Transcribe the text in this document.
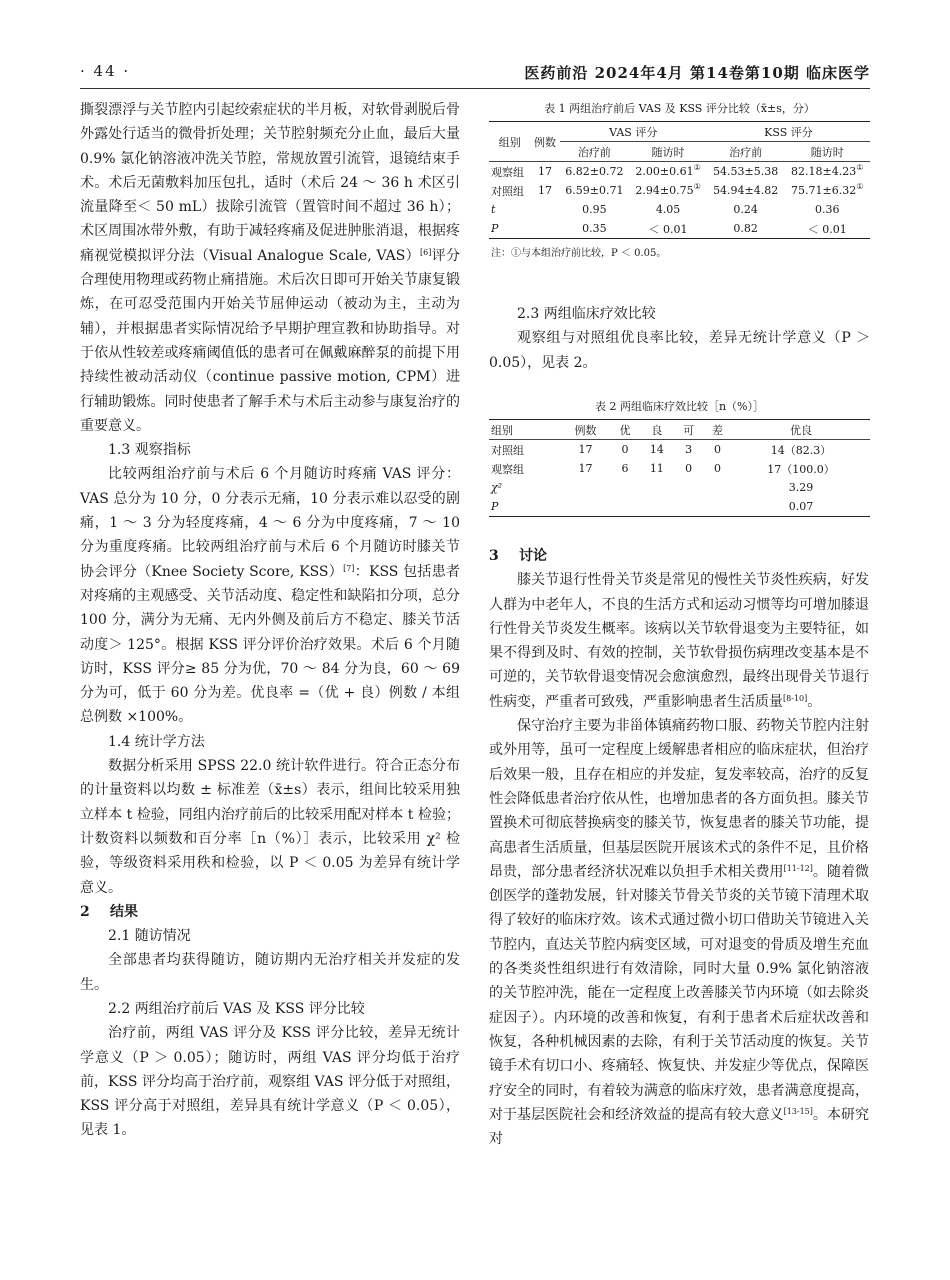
· 44 ·	医药前沿 2024年4月 第14卷第10期 临床医学

撕裂漂浮与关节腔内引起绞索症状的半月板，对软骨剥脱后骨外露处行适当的微骨折处理；关节腔射频充分止血，最后大量 0.9% 氯化钠溶液冲洗关节腔，常规放置引流管，退镜结束手术。术后无菌敷料加压包扎，适时（术后 24 ～ 36 h 术区引流量降至＜ 50 mL）拔除引流管（置管时间不超过 36 h）；术区周围冰带外敷，有助于减轻疼痛及促进肿胀消退，根据疼痛视觉模拟评分法（Visual Analogue Scale, VAS）[6]评分合理使用物理或药物止痛措施。术后次日即可开始关节康复锻炼，在可忍受范围内开始关节屈伸运动（被动为主，主动为辅），并根据患者实际情况给予早期护理宣教和协助指导。对于依从性较差或疼痛阈值低的患者可在佩戴麻醉泵的前提下用持续性被动活动仪（continue passive motion, CPM）进行辅助锻炼。同时使患者了解手术与术后主动参与康复治疗的重要意义。

1.3 观察指标

比较两组治疗前与术后 6 个月随访时疼痛 VAS 评分：VAS 总分为 10 分，0 分表示无痛，10 分表示难以忍受的剧痛，1 ～ 3 分为轻度疼痛，4 ～ 6 分为中度疼痛，7 ～ 10 分为重度疼痛。比较两组治疗前与术后 6 个月随访时膝关节协会评分（Knee Society Score, KSS）[7]：KSS 包括患者对疼痛的主观感受、关节活动度、稳定性和缺陷扣分项，总分 100 分，满分为无痛、无内外侧及前后方不稳定、膝关节活动度＞ 125°。根据 KSS 评分评价治疗效果。术后 6 个月随访时，KSS 评分≥ 85 分为优，70 ～ 84 分为良，60 ～ 69 分为可，低于 60 分为差。优良率 =（优 + 良）例数 / 本组总例数 ×100%。

1.4 统计学方法

数据分析采用 SPSS 22.0 统计软件进行。符合正态分布的计量资料以均数 ± 标准差（x̄±s）表示，组间比较采用独立样本 t 检验，同组内治疗前后的比较采用配对样本 t 检验；计数资料以频数和百分率［n（%）］表示，比较采用 χ² 检验，等级资料采用秩和检验，以 P ＜ 0.05 为差异有统计学意义。

2 结果

2.1 随访情况

全部患者均获得随访，随访期内无治疗相关并发症的发生。

2.2 两组治疗前后 VAS 及 KSS 评分比较

治疗前，两组 VAS 评分及 KSS 评分比较，差异无统计学意义（P ＞ 0.05）；随访时，两组 VAS 评分均低于治疗前，KSS 评分均高于治疗前，观察组 VAS 评分低于对照组，KSS 评分高于对照组，差异具有统计学意义（P ＜ 0.05），见表 1。

表 1 两组治疗前后 VAS 及 KSS 评分比较（x̄±s，分）
组别	例数	VAS 评分		KSS 评分	
		治疗前	随访时	治疗前	随访时
观察组	17	6.82±0.72	2.00±0.61①	54.53±5.38	82.18±4.23①
对照组	17	6.59±0.71	2.94±0.75①	54.94±4.82	75.71±6.32①
t		0.95	4.05	0.24	0.36
P		0.35	＜ 0.01	0.82	＜ 0.01
注：①与本组治疗前比较，P ＜ 0.05。

2.3 两组临床疗效比较

观察组与对照组优良率比较，差异无统计学意义（P ＞ 0.05），见表 2。

表 2 两组临床疗效比较［n（%）］
组别	例数	优	良	可	差	优良
对照组	17	0	14	3	0	14（82.3）
观察组	17	6	11	0	0	17（100.0）
χ²						3.29
P						0.07

3 讨论

膝关节退行性骨关节炎是常见的慢性关节炎性疾病，好发人群为中老年人，不良的生活方式和运动习惯等均可增加膝退行性骨关节炎发生概率。该病以关节软骨退变为主要特征，如果不得到及时、有效的控制，关节软骨损伤病理改变基本是不可逆的，关节软骨退变情况会愈演愈烈，最终出现骨关节退行性病变，严重者可致残，严重影响患者生活质量[8-10]。

保守治疗主要为非甾体镇痛药物口服、药物关节腔内注射或外用等，虽可一定程度上缓解患者相应的临床症状，但治疗后效果一般，且存在相应的并发症，复发率较高，治疗的反复性会降低患者治疗依从性，也增加患者的各方面负担。膝关节置换术可彻底替换病变的膝关节，恢复患者的膝关节功能，提高患者生活质量，但基层医院开展该术式的条件不足，且价格昂贵，部分患者经济状况难以负担手术相关费用[11-12]。随着微创医学的蓬勃发展，针对膝关节骨关节炎的关节镜下清理术取得了较好的临床疗效。该术式通过微小切口借助关节镜进入关节腔内，直达关节腔内病变区域，可对退变的骨质及增生充血的各类炎性组织进行有效清除，同时大量 0.9% 氯化钠溶液的关节腔冲洗，能在一定程度上改善膝关节内环境（如去除炎症因子）。内环境的改善和恢复，有利于患者术后症状改善和恢复，各种机械因素的去除，有利于关节活动度的恢复。关节镜手术有切口小、疼痛轻、恢复快、并发症少等优点，保障医疗安全的同时，有着较为满意的临床疗效，患者满意度提高，对于基层医院社会和经济效益的提高有较大意义[13-15]。本研究对
